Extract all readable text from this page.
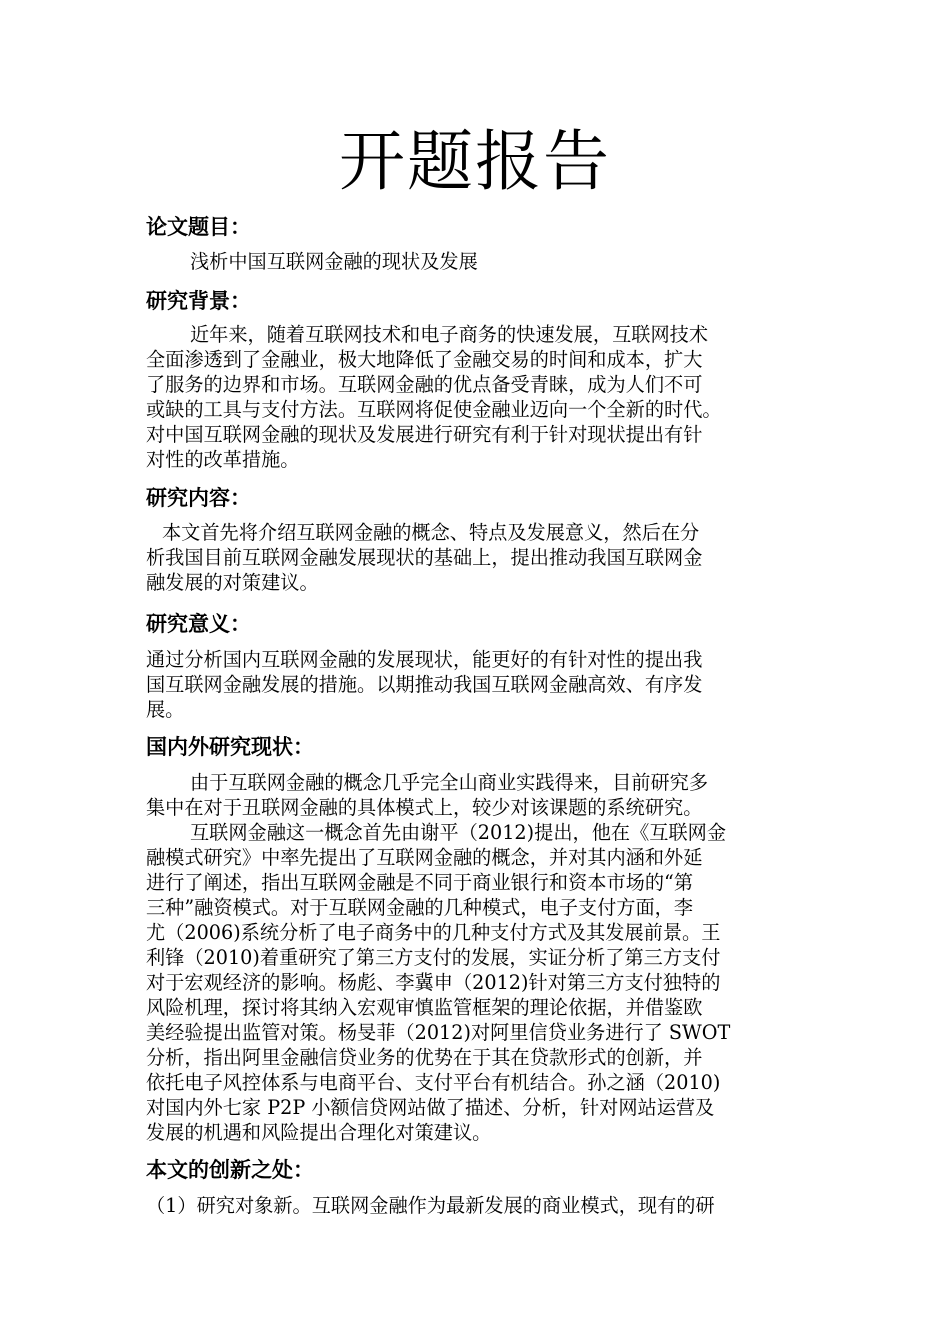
开题报告
论文题目：
浅析中国互联网金融的现状及发展
研究背景：
近年来，随着互联网技术和电子商务的快速发展，互联网技术
全面渗透到了金融业，极大地降低了金融交易的时间和成本，扩大
了服务的边界和市场。互联网金融的优点备受青睐，成为人们不可
或缺的工具与支付方法。互联网将促使金融业迈向一个全新的时代。
对中国互联网金融的现状及发展进行研究有利于针对现状提出有针
对性的改革措施。
研究内容：
本文首先将介绍互联网金融的概念、特点及发展意义，然后在分
析我国目前互联网金融发展现状的基础上，提出推动我国互联网金
融发展的对策建议。
研究意义：
通过分析国内互联网金融的发展现状，能更好的有针对性的提出我
国互联网金融发展的措施。以期推动我国互联网金融高效、有序发
展。
国内外研究现状：
由于互联网金融的概念几乎完全山商业实践得来，目前研究多
集中在对于丑联网金融的具体模式上，较少对该课题的系统研究。
互联网金融这一概念首先由谢平（2012)提出，他在《互联网金
融模式研究》中率先提出了互联网金融的概念，并对其内涵和外延
进行了阐述，指出互联网金融是不同于商业银行和资本市场的“第
三种”融资模式。对于互联网金融的几种模式，电子支付方面，李
尤（2006)系统分析了电子商务中的几种支付方式及其发展前景。王
利锋（2010)着重研究了第三方支付的发展，实证分析了第三方支付
对于宏观经济的影响。杨彪、李冀申（2012)针对第三方支付独特的
风险机理，探讨将其纳入宏观审慎监管框架的理论依据，并借鉴欧
美经验提出监管对策。杨旻菲（2012)对阿里信贷业务进行了 SWOT
分析，指出阿里金融信贷业务的优势在于其在贷款形式的创新，并
依托电子风控体系与电商平台、支付平台有机结合。孙之涵（2010)
对国内外七家 P2P 小额信贷网站做了描述、分析，针对网站运营及
发展的机遇和风险提出合理化对策建议。
本文的创新之处：
（1）研究对象新。互联网金融作为最新发展的商业模式，现有的研
